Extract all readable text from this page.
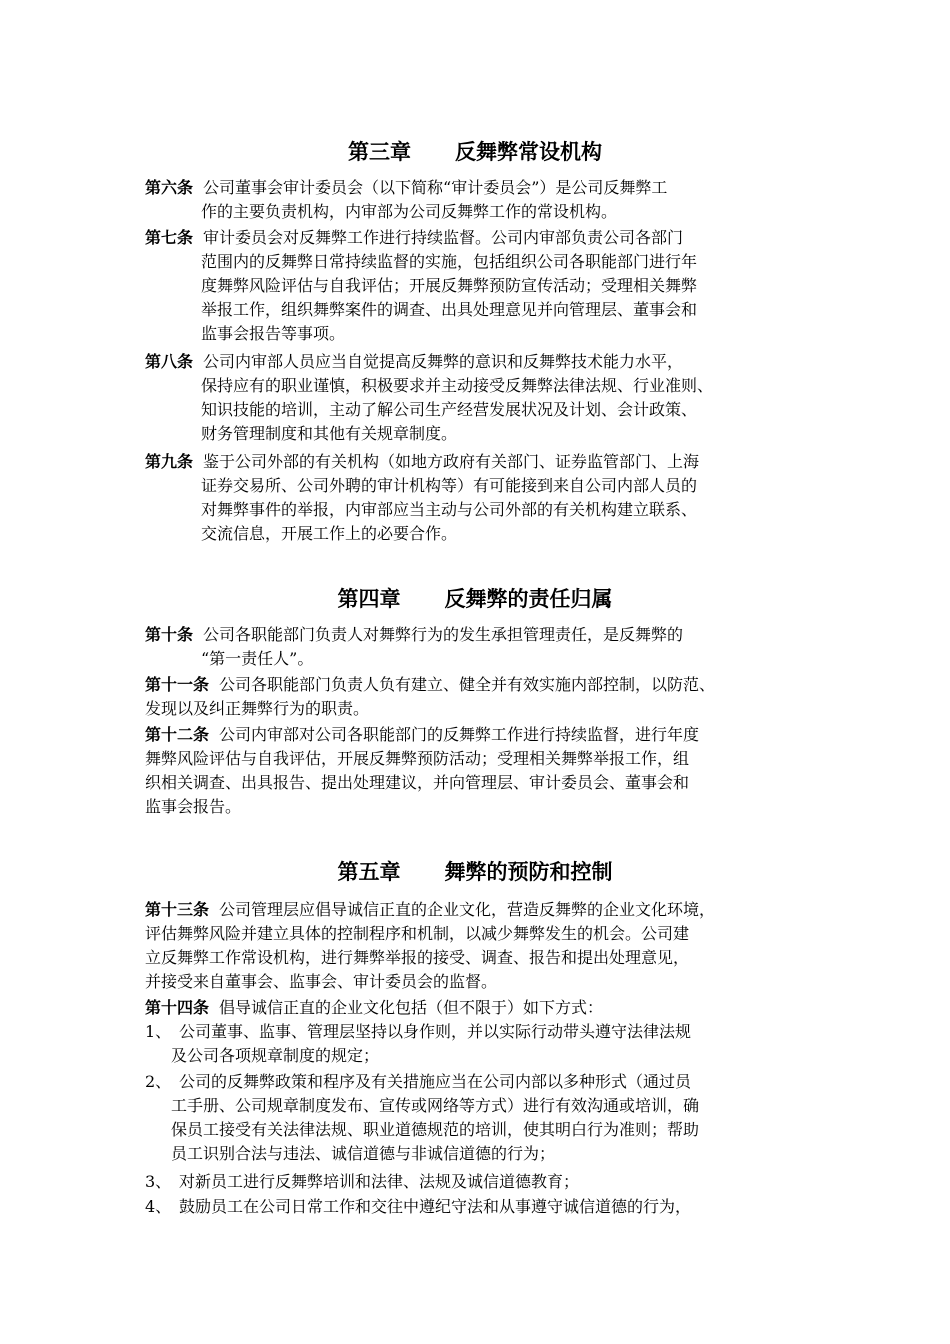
第三章 反舞弊常设机构
第六条 公司董事会审计委员会（以下简称“审计委员会”）是公司反舞弊工
作的主要负责机构，内审部为公司反舞弊工作的常设机构。
第七条 审计委员会对反舞弊工作进行持续监督。公司内审部负责公司各部门
范围内的反舞弊日常持续监督的实施，包括组织公司各职能部门进行年
度舞弊风险评估与自我评估；开展反舞弊预防宣传活动；受理相关舞弊
举报工作，组织舞弊案件的调查、出具处理意见并向管理层、董事会和
监事会报告等事项。
第八条 公司内审部人员应当自觉提高反舞弊的意识和反舞弊技术能力水平，
保持应有的职业谨慎，积极要求并主动接受反舞弊法律法规、行业准则、
知识技能的培训，主动了解公司生产经营发展状况及计划、会计政策、
财务管理制度和其他有关规章制度。
第九条 鉴于公司外部的有关机构（如地方政府有关部门、证券监管部门、上海
证券交易所、公司外聘的审计机构等）有可能接到来自公司内部人员的
对舞弊事件的举报，内审部应当主动与公司外部的有关机构建立联系、
交流信息，开展工作上的必要合作。
第四章 反舞弊的责任归属
第十条 公司各职能部门负责人对舞弊行为的发生承担管理责任，是反舞弊的
“第一责任人”。
第十一条 公司各职能部门负责人负有建立、健全并有效实施内部控制，以防范、
发现以及纠正舞弊行为的职责。
第十二条 公司内审部对公司各职能部门的反舞弊工作进行持续监督，进行年度
舞弊风险评估与自我评估，开展反舞弊预防活动；受理相关舞弊举报工作，组
织相关调查、出具报告、提出处理建议，并向管理层、审计委员会、董事会和
监事会报告。
第五章 舞弊的预防和控制
第十三条 公司管理层应倡导诚信正直的企业文化，营造反舞弊的企业文化环境，
评估舞弊风险并建立具体的控制程序和机制，以减少舞弊发生的机会。公司建
立反舞弊工作常设机构，进行舞弊举报的接受、调查、报告和提出处理意见，
并接受来自董事会、监事会、审计委员会的监督。
第十四条 倡导诚信正直的企业文化包括（但不限于）如下方式：
1、 公司董事、监事、管理层坚持以身作则，并以实际行动带头遵守法律法规
及公司各项规章制度的规定；
2、 公司的反舞弊政策和程序及有关措施应当在公司内部以多种形式（通过员
工手册、公司规章制度发布、宣传或网络等方式）进行有效沟通或培训，确
保员工接受有关法律法规、职业道德规范的培训，使其明白行为准则；帮助
员工识别合法与违法、诚信道德与非诚信道德的行为；
3、 对新员工进行反舞弊培训和法律、法规及诚信道德教育；
4、 鼓励员工在公司日常工作和交往中遵纪守法和从事遵守诚信道德的行为，
